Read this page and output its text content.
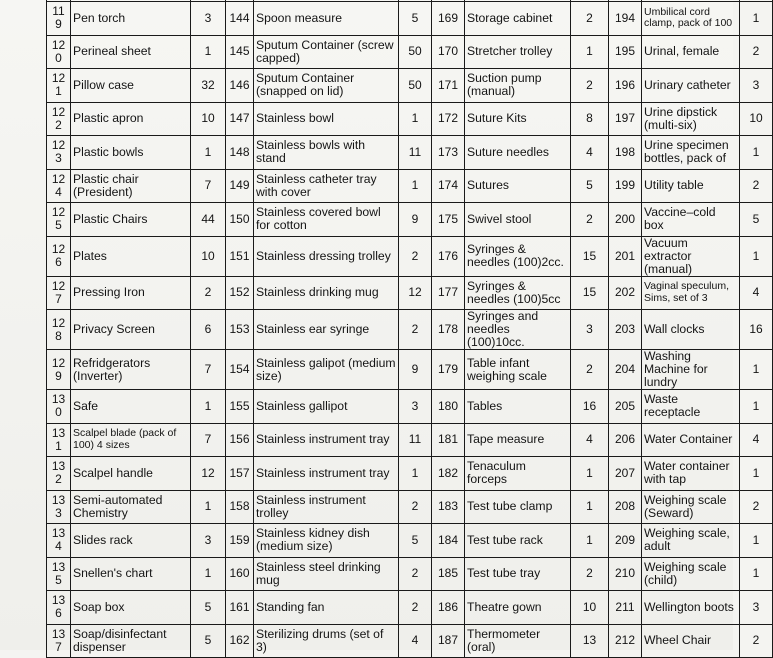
119	Pen torch	3	144	Spoon measure	5	169	Storage cabinet	2	194	Umbilical cord clamp, pack of 100	1
120	Perineal sheet	1	145	Sputum Container (screw capped)	50	170	Stretcher trolley	1	195	Urinal, female	2
121	Pillow case	32	146	Sputum Container (snapped on lid)	50	171	Suction pump (manual)	2	196	Urinary catheter	3
122	Plastic apron	10	147	Stainless bowl	1	172	Suture Kits	8	197	Urine dipstick (multi-six)	10
123	Plastic bowls	1	148	Stainless bowls with stand	11	173	Suture needles	4	198	Urine specimen bottles, pack of	1
124	Plastic chair (President)	7	149	Stainless catheter tray with cover	1	174	Sutures	5	199	Utility table	2
125	Plastic Chairs	44	150	Stainless covered bowl for cotton	9	175	Swivel stool	2	200	Vaccine–cold box	5
126	Plates	10	151	Stainless dressing trolley	2	176	Syringes & needles (100)2cc.	15	201	Vacuum extractor (manual)	1
127	Pressing Iron	2	152	Stainless drinking mug	12	177	Syringes & needles (100)5cc	15	202	Vaginal speculum, Sims, set of 3	4
128	Privacy Screen	6	153	Stainless ear syringe	2	178	Syringes and needles (100)10cc.	3	203	Wall clocks	16
129	Refridgerators (Inverter)	7	154	Stainless galipot (medium size)	9	179	Table infant weighing scale	2	204	Washing Machine for lundry	1
130	Safe	1	155	Stainless gallipot	3	180	Tables	16	205	Waste receptacle	1
131	Scalpel blade (pack of 100) 4 sizes	7	156	Stainless instrument tray	11	181	Tape measure	4	206	Water Container	4
132	Scalpel handle	12	157	Stainless instrument tray	1	182	Tenaculum forceps	1	207	Water container with tap	1
133	Semi-automated Chemistry	1	158	Stainless instrument trolley	2	183	Test tube clamp	1	208	Weighing scale (Seward)	2
134	Slides rack	3	159	Stainless kidney dish (medium size)	5	184	Test tube rack	1	209	Weighing scale, adult	1
135	Snellen's chart	1	160	Stainless steel drinking mug	2	185	Test tube tray	2	210	Weighing scale (child)	1
136	Soap box	5	161	Standing fan	2	186	Theatre gown	10	211	Wellington boots	3
137	Soap/disinfectant dispenser	5	162	Sterilizing drums (set of 3)	4	187	Thermometer (oral)	13	212	Wheel Chair	2
